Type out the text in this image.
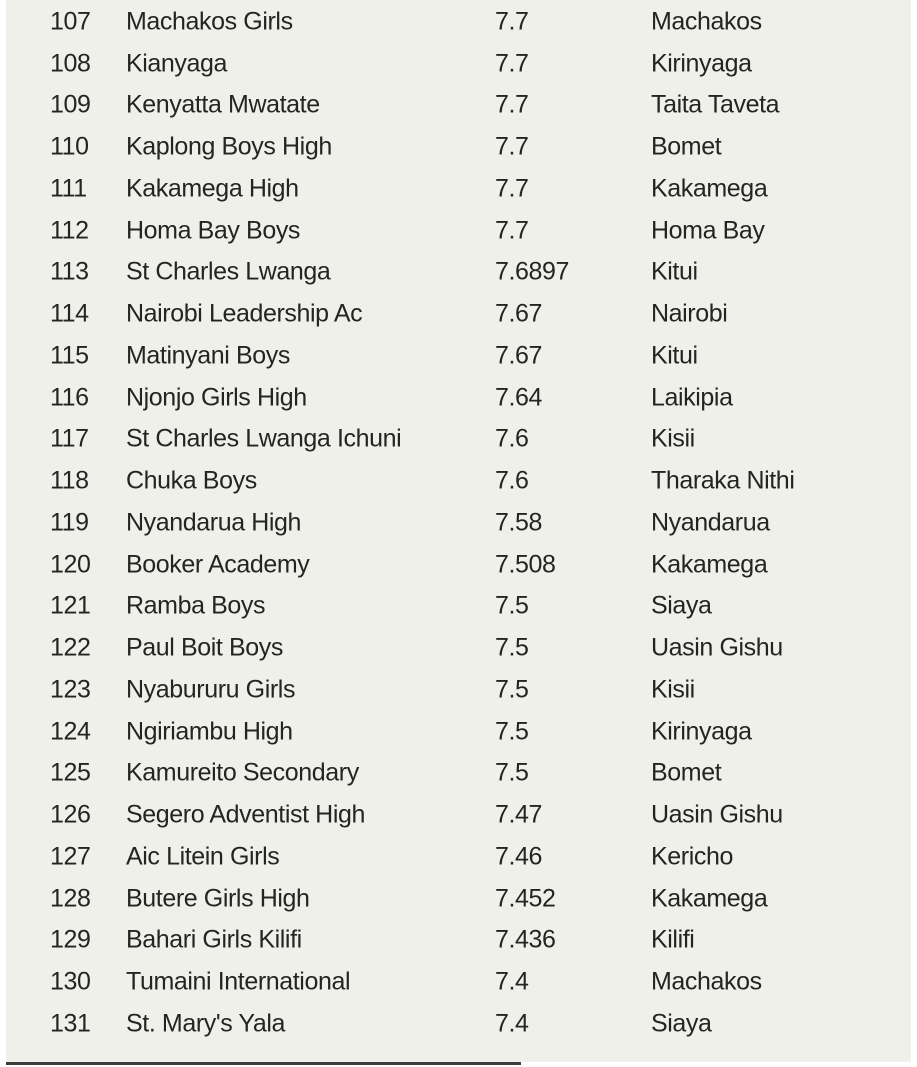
107 Machakos Girls	7.7	Machakos
108 Kianyaga	7.7	Kirinyaga
109 Kenyatta Mwatate	7.7	Taita Taveta
110 Kaplong Boys High	7.7	Bomet
111 Kakamega High	7.7	Kakamega
112 Homa Bay Boys	7.7	Homa Bay
113 St Charles Lwanga	7.6897	Kitui
114 Nairobi Leadership Ac	7.67	Nairobi
115 Matinyani Boys	7.67	Kitui
116 Njonjo Girls High	7.64	Laikipia
117 St Charles Lwanga Ichuni	7.6	Kisii
118 Chuka Boys	7.6	Tharaka Nithi
119 Nyandarua High	7.58	Nyandarua
120 Booker Academy	7.508	Kakamega
121 Ramba Boys	7.5	Siaya
122 Paul Boit Boys	7.5	Uasin Gishu
123 Nyabururu Girls	7.5	Kisii
124 Ngiriambu High	7.5	Kirinyaga
125 Kamureito Secondary	7.5	Bomet
126 Segero Adventist High	7.47	Uasin Gishu
127 Aic Litein Girls	7.46	Kericho
128 Butere Girls High	7.452	Kakamega
129 Bahari Girls Kilifi	7.436	Kilifi
130 Tumaini International	7.4	Machakos
131 St. Mary's Yala	7.4	Siaya
